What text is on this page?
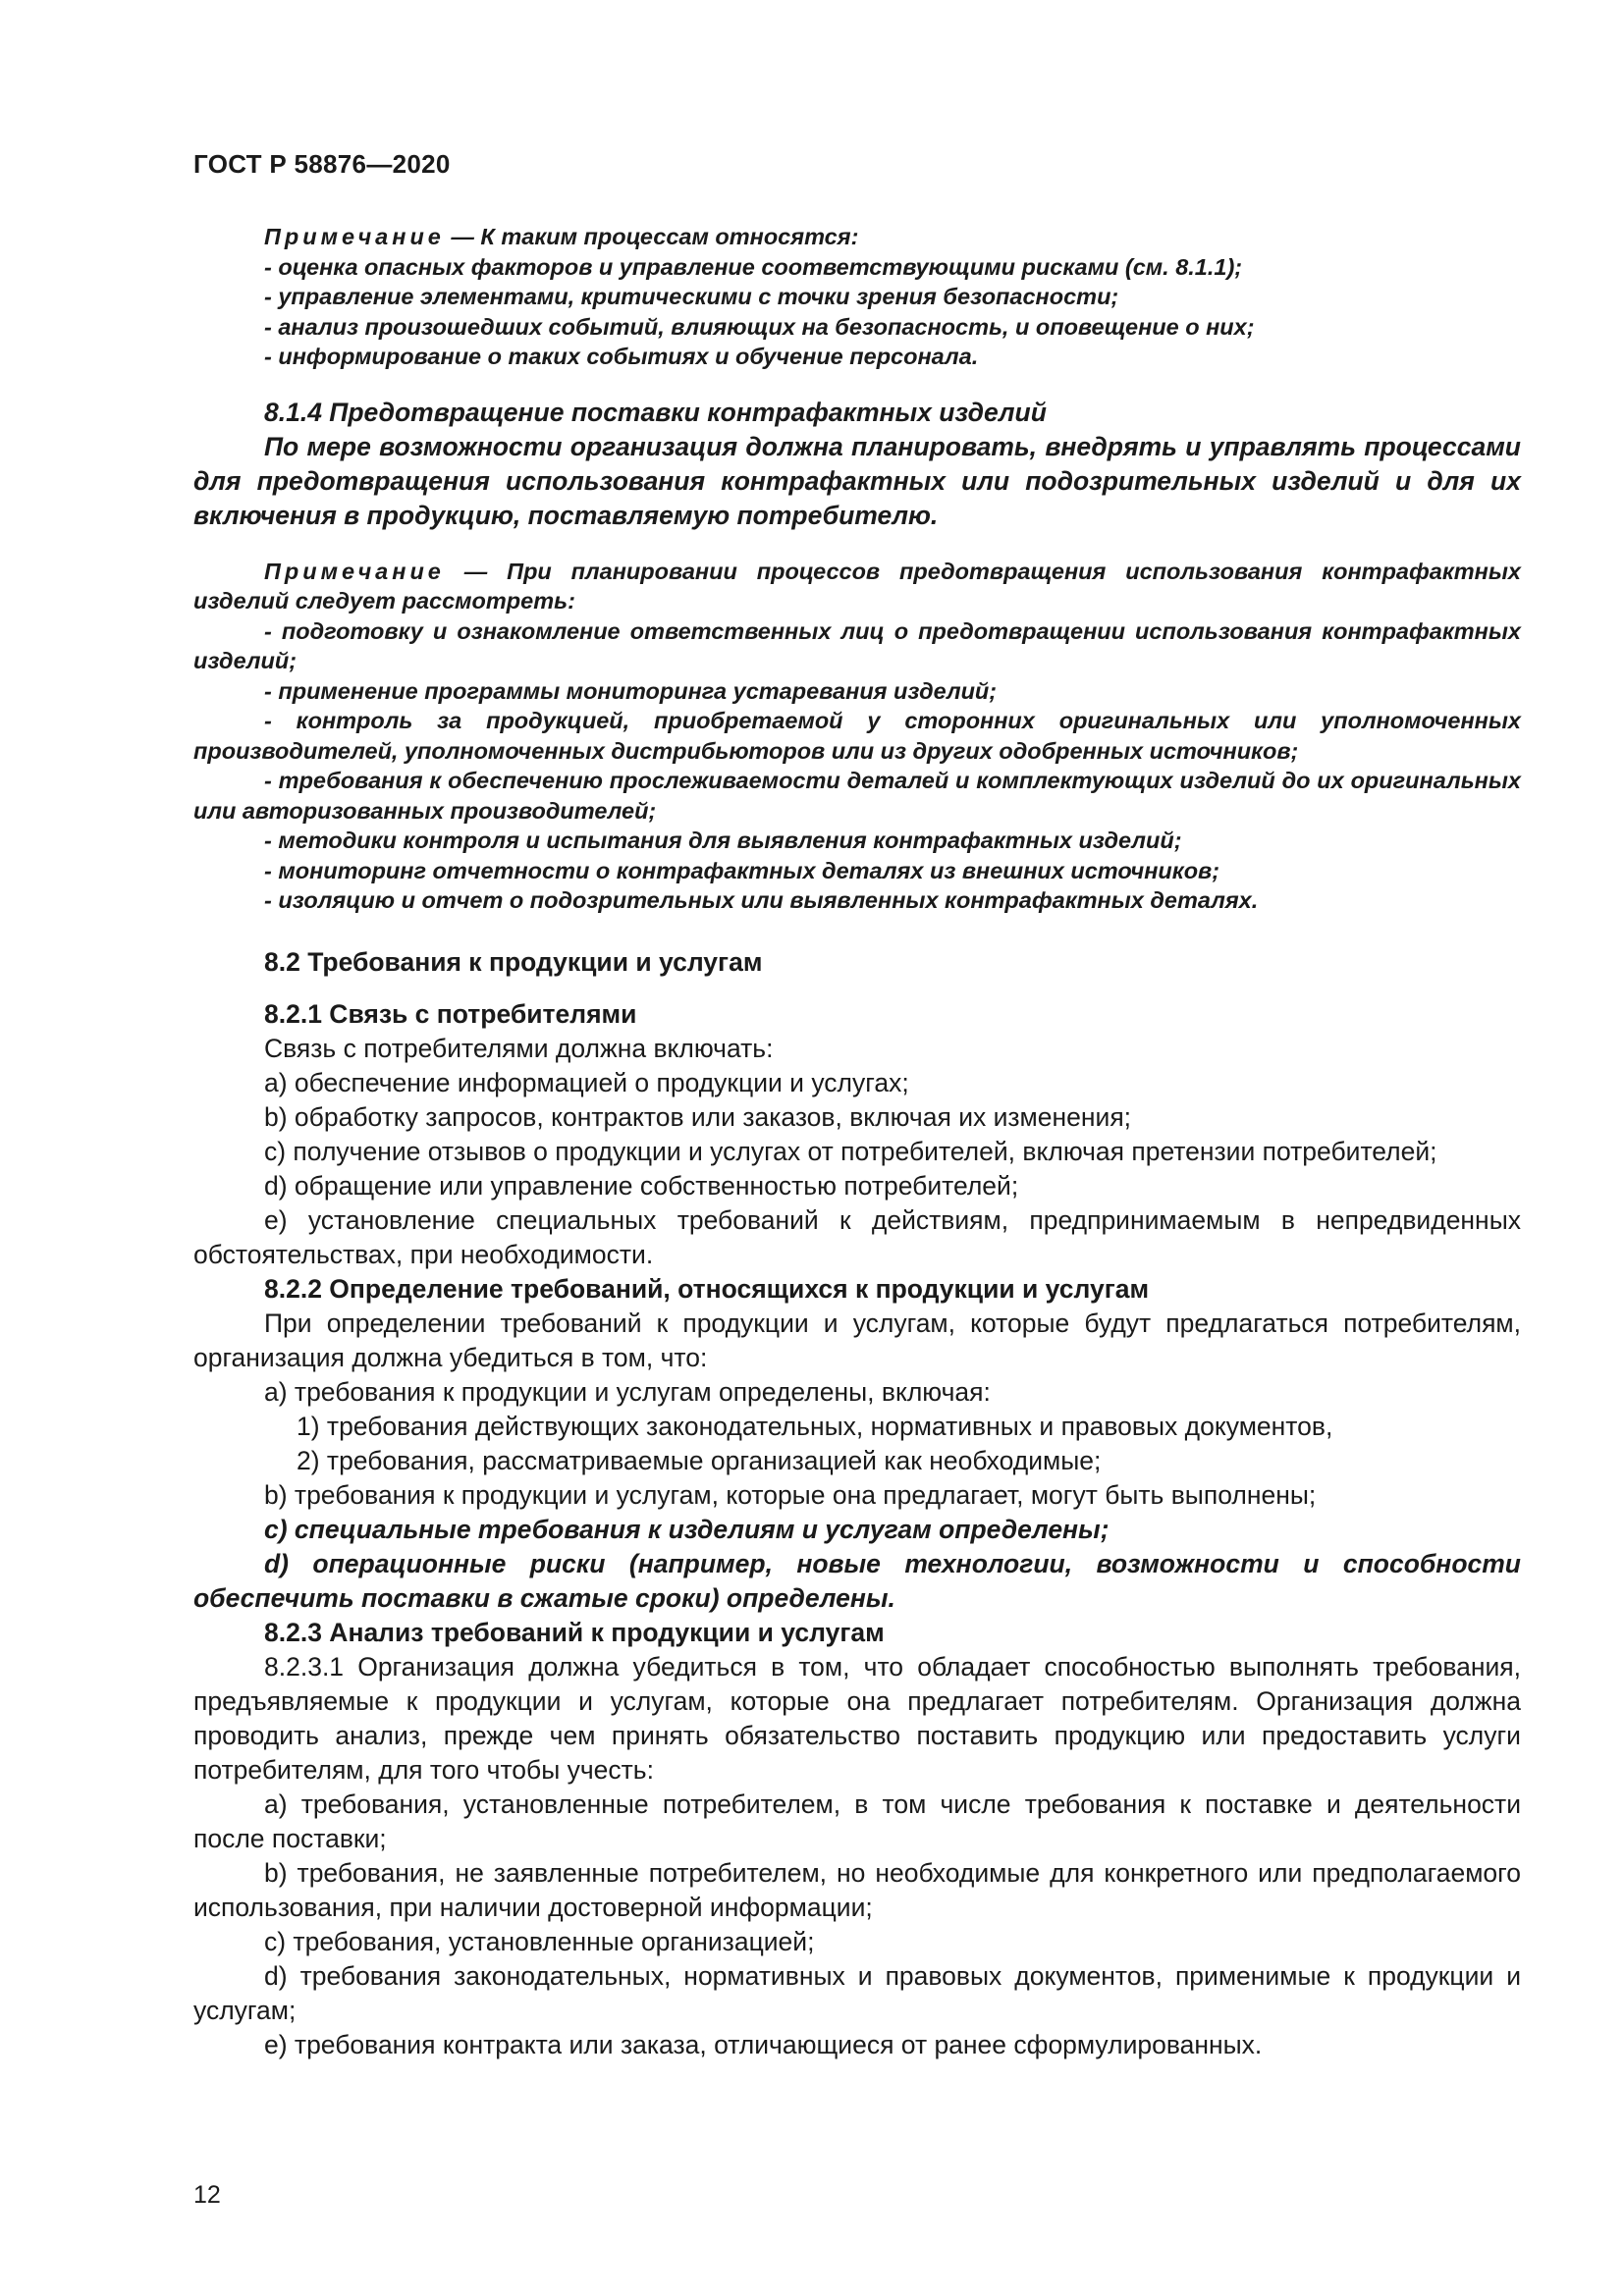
ГОСТ Р 58876—2020

Примечание — К таким процессам относятся:

- оценка опасных факторов и управление соответствующими рисками (см. 8.1.1);

- управление элементами, критическими с точки зрения безопасности;

- анализ произошедших событий, влияющих на безопасность, и оповещение о них;

- информирование о таких событиях и обучение персонала.

8.1.4 Предотвращение поставки контрафактных изделий

По мере возможности организация должна планировать, внедрять и управлять процессами для предотвращения использования контрафактных или подозрительных изделий и для их включения в продукцию, поставляемую потребителю.

Примечание — При планировании процессов предотвращения использования контрафактных изделий следует рассмотреть:

- подготовку и ознакомление ответственных лиц о предотвращении использования контрафактных изделий;

- применение программы мониторинга устаревания изделий;

- контроль за продукцией, приобретаемой у сторонних оригинальных или уполномоченных производителей, уполномоченных дистрибьюторов или из других одобренных источников;

- требования к обеспечению прослеживаемости деталей и комплектующих изделий до их оригинальных или авторизованных производителей;

- методики контроля и испытания для выявления контрафактных изделий;

- мониторинг отчетности о контрафактных деталях из внешних источников;

- изоляцию и отчет о подозрительных или выявленных контрафактных деталях.

8.2 Требования к продукции и услугам

8.2.1 Связь с потребителями

Связь с потребителями должна включать:

a) обеспечение информацией о продукции и услугах;

b) обработку запросов, контрактов или заказов, включая их изменения;

c) получение отзывов о продукции и услугах от потребителей, включая претензии потребителей;

d) обращение или управление собственностью потребителей;

e) установление специальных требований к действиям, предпринимаемым в непредвиденных обстоятельствах, при необходимости.

8.2.2 Определение требований, относящихся к продукции и услугам

При определении требований к продукции и услугам, которые будут предлагаться потребителям, организация должна убедиться в том, что:

a) требования к продукции и услугам определены, включая:

1) требования действующих законодательных, нормативных и правовых документов,

2) требования, рассматриваемые организацией как необходимые;

b) требования к продукции и услугам, которые она предлагает, могут быть выполнены;

c) специальные требования к изделиям и услугам определены;

d) операционные риски (например, новые технологии, возможности и способности обеспечить поставки в сжатые сроки) определены.

8.2.3 Анализ требований к продукции и услугам

8.2.3.1 Организация должна убедиться в том, что обладает способностью выполнять требования, предъявляемые к продукции и услугам, которые она предлагает потребителям. Организация должна проводить анализ, прежде чем принять обязательство поставить продукцию или предоставить услуги потребителям, для того чтобы учесть:

a) требования, установленные потребителем, в том числе требования к поставке и деятельности после поставки;

b) требования, не заявленные потребителем, но необходимые для конкретного или предполагаемого использования, при наличии достоверной информации;

c) требования, установленные организацией;

d) требования законодательных, нормативных и правовых документов, применимые к продукции и услугам;

e) требования контракта или заказа, отличающиеся от ранее сформулированных.

12
